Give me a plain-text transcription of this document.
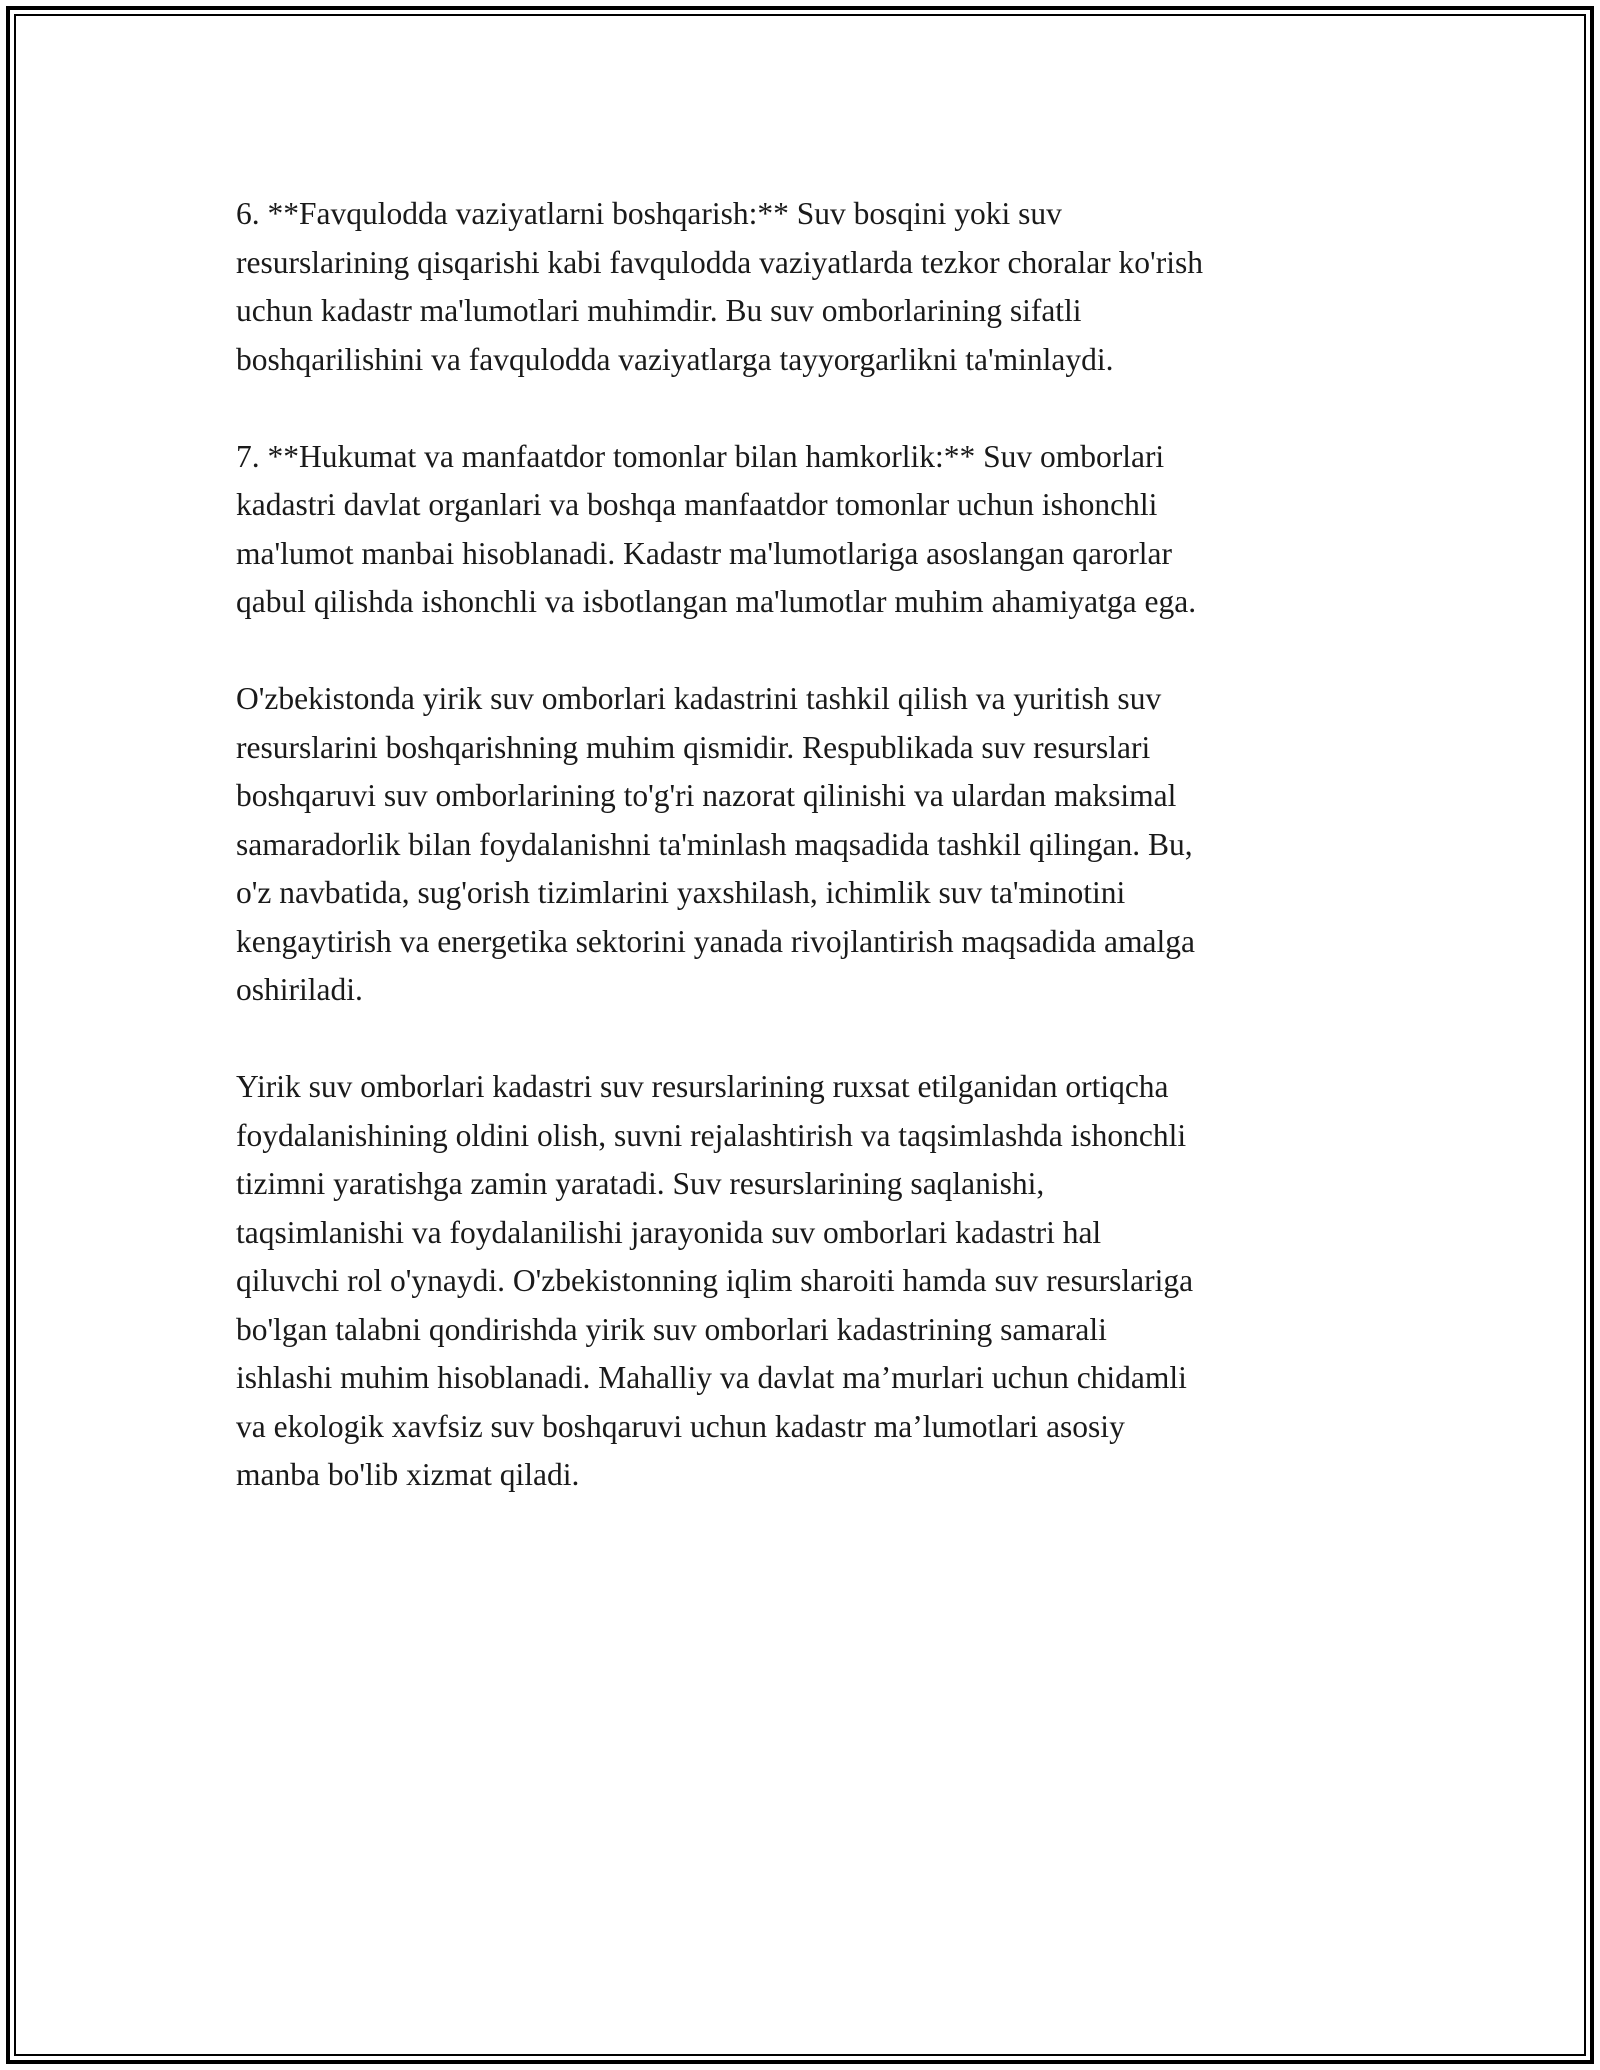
6. **Favqulodda vaziyatlarni boshqarish:** Suv bosqini yoki suv
resurslarining qisqarishi kabi favqulodda vaziyatlarda tezkor choralar ko'rish
uchun kadastr ma'lumotlari muhimdir. Bu suv omborlarining sifatli
boshqarilishini va favqulodda vaziyatlarga tayyorgarlikni ta'minlaydi.

7. **Hukumat va manfaatdor tomonlar bilan hamkorlik:** Suv omborlari
kadastri davlat organlari va boshqa manfaatdor tomonlar uchun ishonchli
ma'lumot manbai hisoblanadi. Kadastr ma'lumotlariga asoslangan qarorlar
qabul qilishda ishonchli va isbotlangan ma'lumotlar muhim ahamiyatga ega.

O'zbekistonda yirik suv omborlari kadastrini tashkil qilish va yuritish suv
resurslarini boshqarishning muhim qismidir. Respublikada suv resurslari
boshqaruvi suv omborlarining to'g'ri nazorat qilinishi va ulardan maksimal
samaradorlik bilan foydalanishni ta'minlash maqsadida tashkil qilingan. Bu,
o'z navbatida, sug'orish tizimlarini yaxshilash, ichimlik suv ta'minotini
kengaytirish va energetika sektorini yanada rivojlantirish maqsadida amalga
oshiriladi.

Yirik suv omborlari kadastri suv resurslarining ruxsat etilganidan ortiqcha
foydalanishining oldini olish, suvni rejalashtirish va taqsimlashda ishonchli
tizimni yaratishga zamin yaratadi. Suv resurslarining saqlanishi,
taqsimlanishi va foydalanilishi jarayonida suv omborlari kadastri hal
qiluvchi rol o'ynaydi. O'zbekistonning iqlim sharoiti hamda suv resurslariga
bo'lgan talabni qondirishda yirik suv omborlari kadastrining samarali
ishlashi muhim hisoblanadi. Mahalliy va davlat ma’murlari uchun chidamli
va ekologik xavfsiz suv boshqaruvi uchun kadastr ma’lumotlari asosiy
manba bo'lib xizmat qiladi.
